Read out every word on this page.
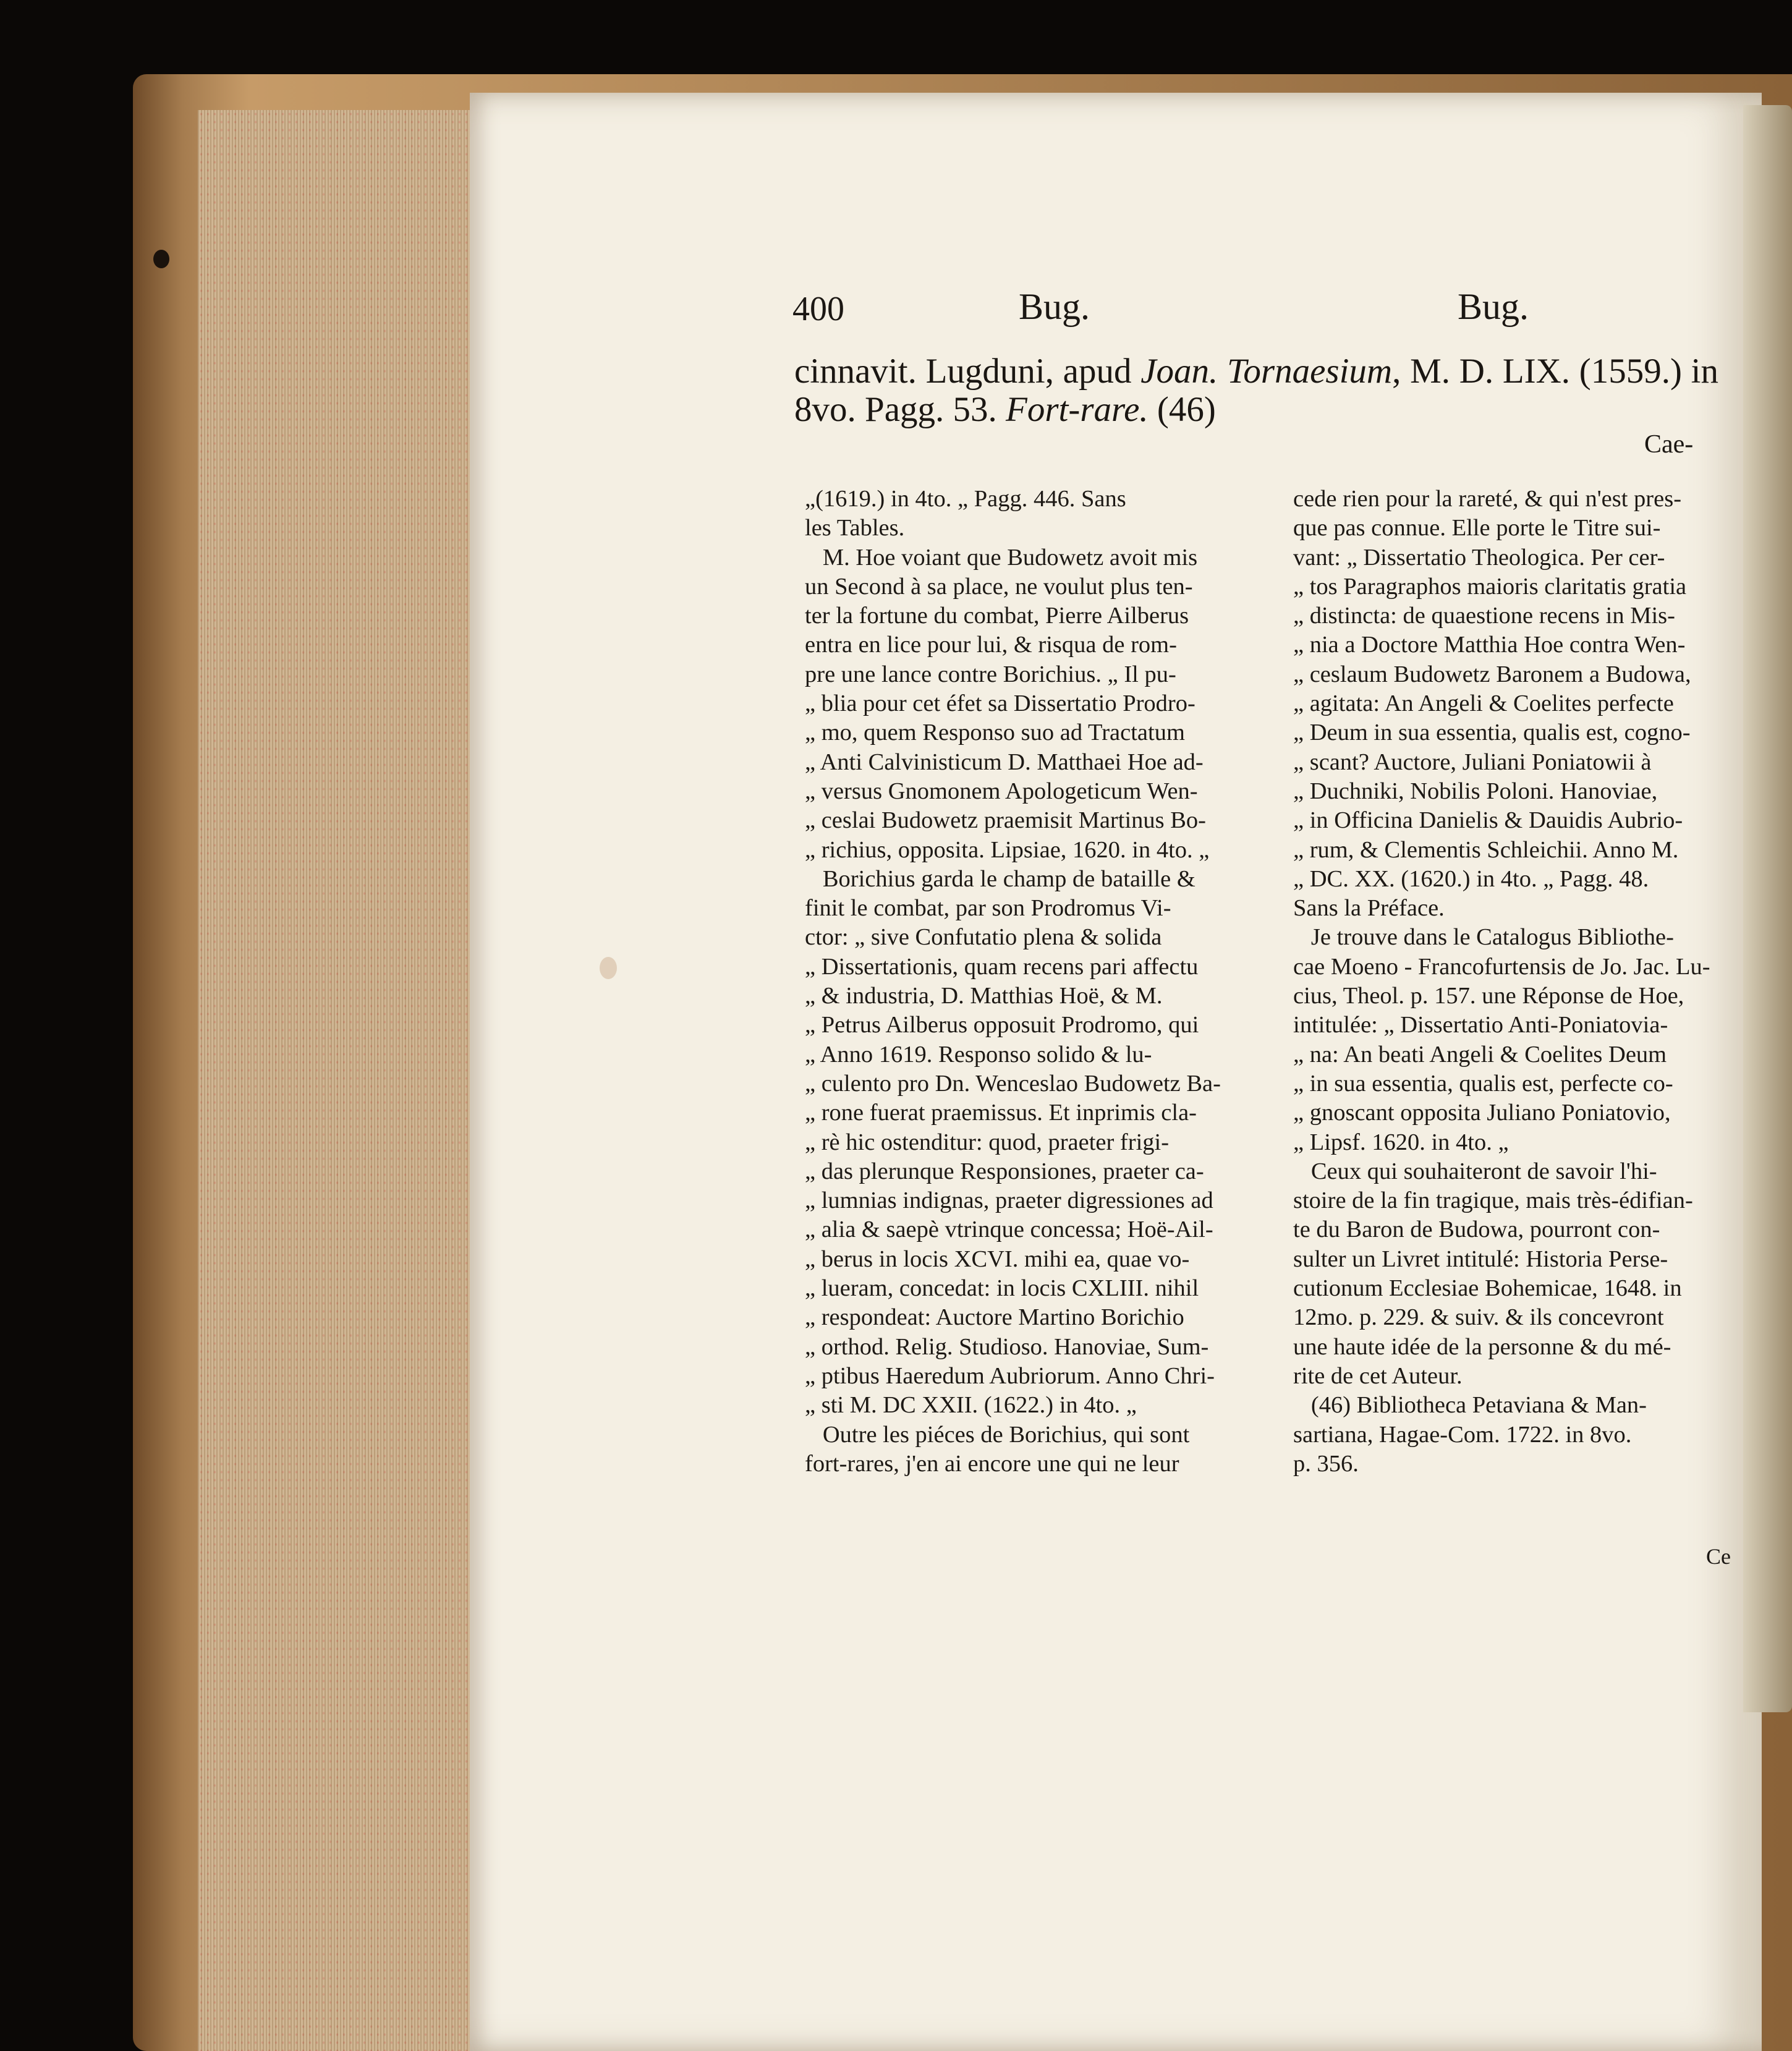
400	Bug.	Bug.

cinnavit. Lugduni, apud Joan. Tornaesium, M. D. LIX. (1559.) in 8vo. Pagg. 53. Fort-rare. (46)

Cae-
„(1619.) in 4to. „ Pagg. 446. Sans
les Tables.
M. Hoe voiant que Budowetz avoit mis
un Second à sa place, ne voulut plus ten-
ter la fortune du combat, Pierre Ailberus
entra en lice pour lui, & risqua de rom-
pre une lance contre Borichius. „ Il pu-
„ blia pour cet éfet sa Dissertatio Prodro-
„ mo, quem Responso suo ad Tractatum
„ Anti Calvinisticum D. Matthaei Hoe ad-
„ versus Gnomonem Apologeticum Wen-
„ ceslai Budowetz praemisit Martinus Bo-
„ richius, opposita. Lipsiae, 1620. in 4to. „
Borichius garda le champ de bataille &
finit le combat, par son Prodromus Vi-
ctor: „ sive Confutatio plena & solida
„ Dissertationis, quam recens pari affectu
„ & industria, D. Matthias Hoë, & M.
„ Petrus Ailberus opposuit Prodromo, qui
„ Anno 1619. Responso solido & lu-
„ culento pro Dn. Wenceslao Budowetz Ba-
„ rone fuerat praemissus. Et inprimis cla-
„ rè hic ostenditur: quod, praeter frigi-
„ das plerunque Responsiones, praeter ca-
„ lumnias indignas, praeter digressiones ad
„ alia & saepè vtrinque concessa; Hoë-Ail-
„ berus in locis XCVI. mihi ea, quae vo-
„ lueram, concedat: in locis CXLIII. nihil
„ respondeat: Auctore Martino Borichio
„ orthod. Relig. Studioso. Hanoviae, Sum-
„ ptibus Haeredum Aubriorum. Anno Chri-
„ sti M. DC XXII. (1622.) in 4to. „
Outre les piéces de Borichius, qui sont
fort-rares, j'en ai encore une qui ne leur
cede rien pour la rareté, & qui n'est pres-
que pas connue. Elle porte le Titre sui-
vant: „ Dissertatio Theologica. Per cer-
„ tos Paragraphos maioris claritatis gratia
„ distincta: de quaestione recens in Mis-
„ nia a Doctore Matthia Hoe contra Wen-
„ ceslaum Budowetz Baronem a Budowa,
„ agitata: An Angeli & Coelites perfecte
„ Deum in sua essentia, qualis est, cogno-
„ scant? Auctore, Juliani Poniatowii à
„ Duchniki, Nobilis Poloni. Hanoviae,
„ in Officina Danielis & Dauidis Aubrio-
„ rum, & Clementis Schleichii. Anno M.
„ DC. XX. (1620.) in 4to. „ Pagg. 48.
Sans la Préface.
Je trouve dans le Catalogus Bibliothe-
cae Moeno - Francofurtensis de Jo. Jac. Lu-
cius, Theol. p. 157. une Réponse de Hoe,
intitulée: „ Dissertatio Anti-Poniatovia-
„ na: An beati Angeli & Coelites Deum
„ in sua essentia, qualis est, perfecte co-
„ gnoscant opposita Juliano Poniatovio,
„ Lipsf. 1620. in 4to. „
Ceux qui souhaiteront de savoir l'hi-
stoire de la fin tragique, mais très-édifian-
te du Baron de Budowa, pourront con-
sulter un Livret intitulé: Historia Perse-
cutionum Ecclesiae Bohemicae, 1648. in
12mo. p. 229. & suiv. & ils concevront
une haute idée de la personne & du mé-
rite de cet Auteur.
(46) Bibliotheca Petaviana & Man-
sartiana, Hagae-Com. 1722. in 8vo.
p. 356.
Ce
